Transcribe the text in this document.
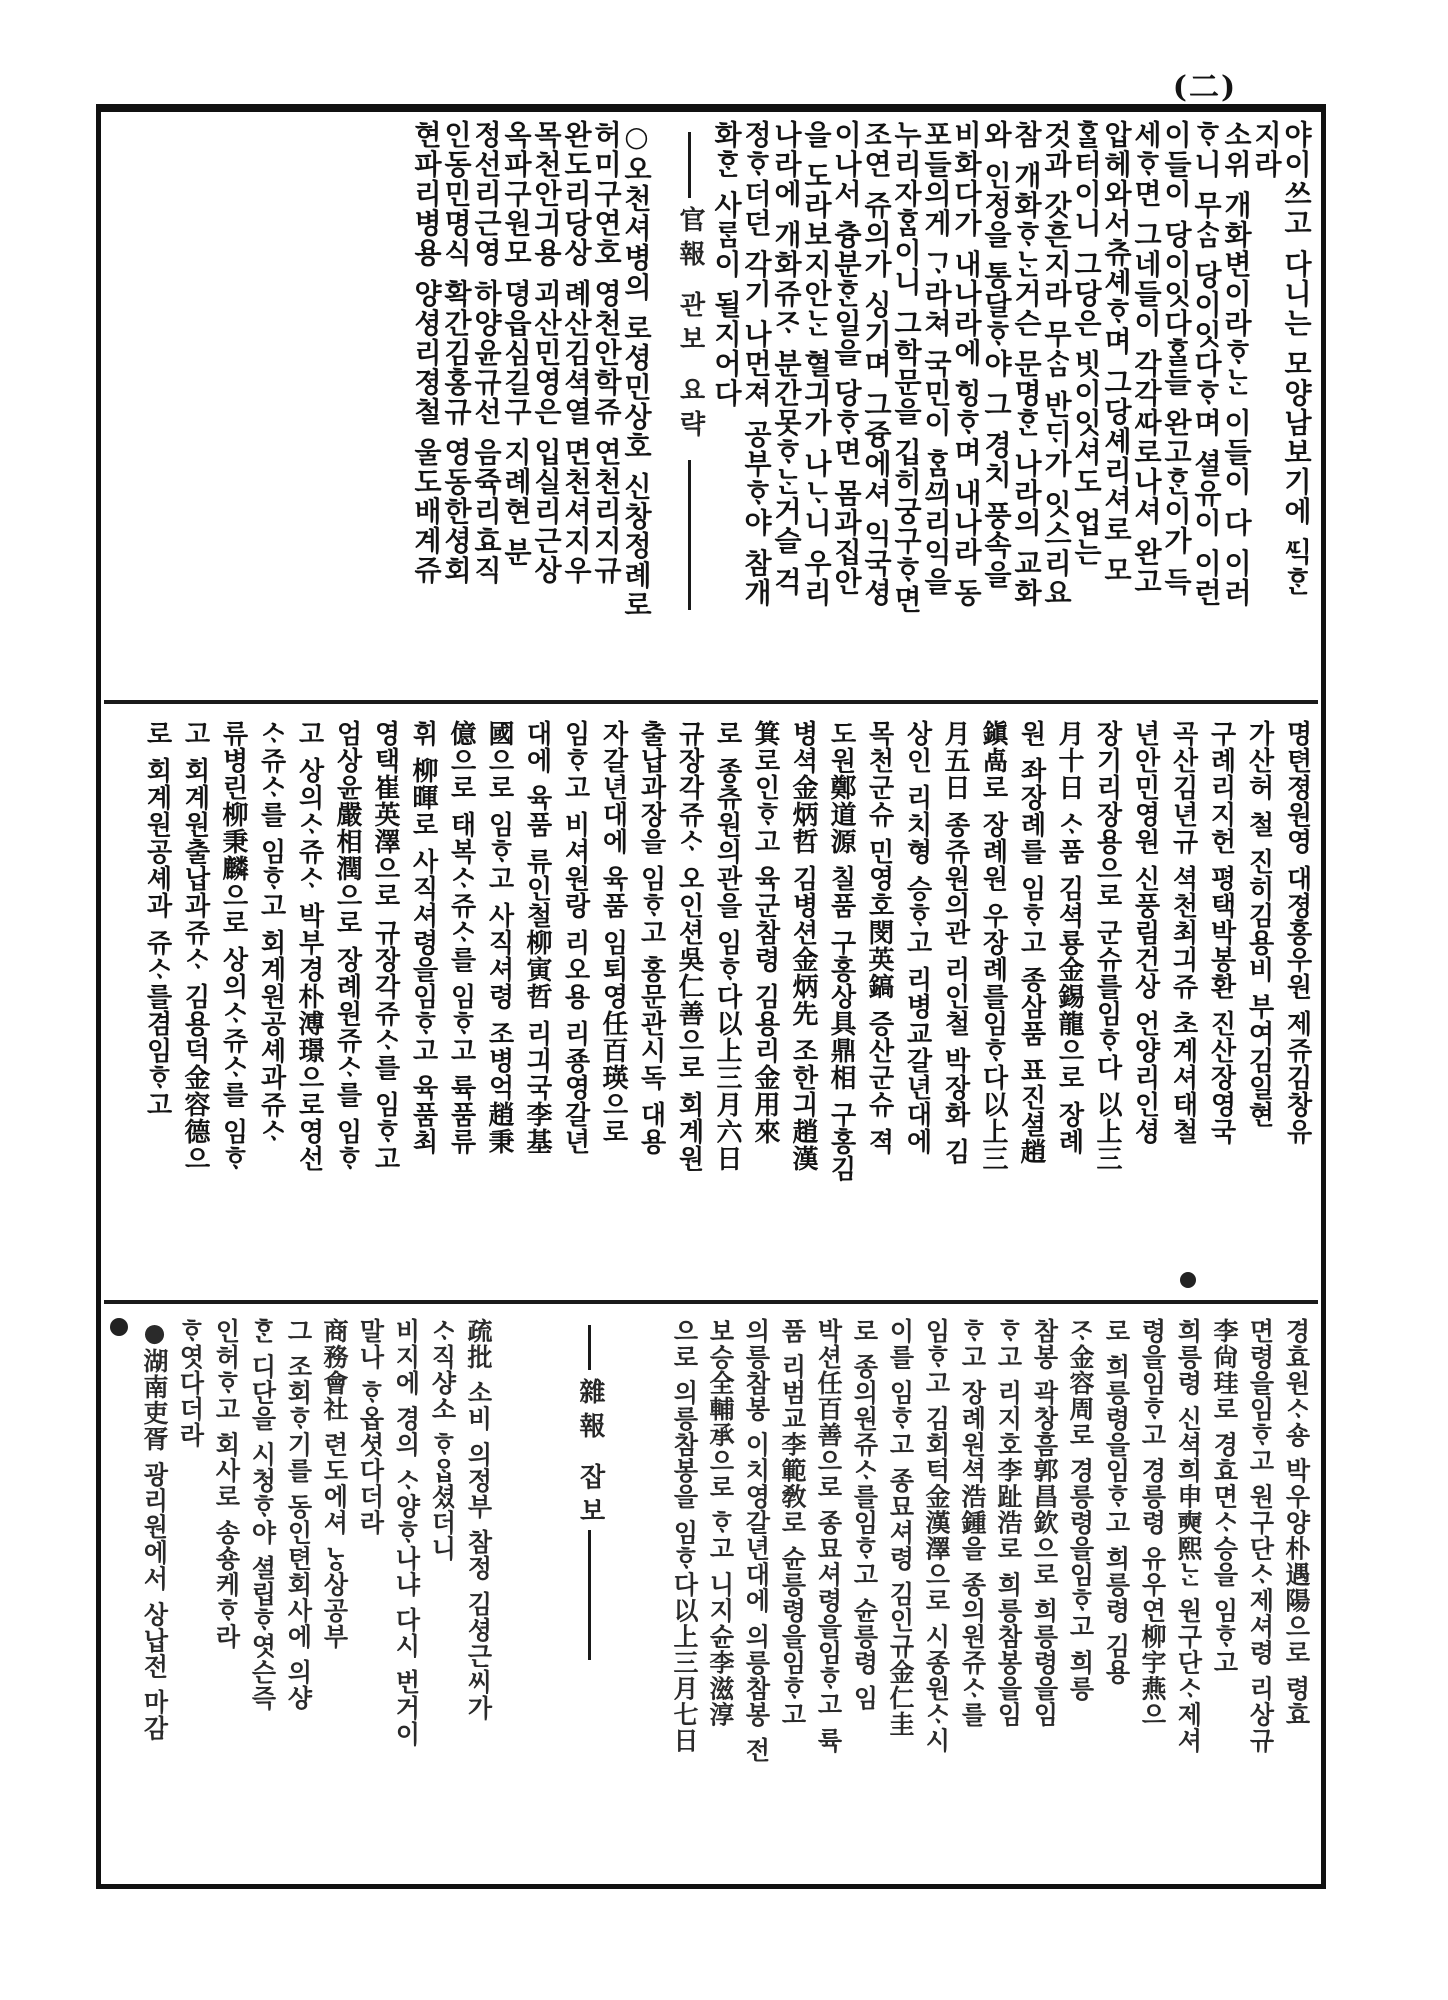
(二)
야이쓰고 다니는 모양남보기에 ᄯᅵᆨᄒᆞᆫ
지라
소위 개화변이라ᄒᆞᄂᆞᆫ 이들이 다 이러
ᄒᆞ니 무ᄉᆞᆷ 당이잇다ᄒᆞ며 셜유이 이런
이들이 당이잇다ᄒᆞᆯ들 완고ᄒᆞᆫ이가 득
세ᄒᆞ면 그네들이 각각ᄯᅡ로나셔 완고
압헤와서츄셰ᄒᆞ며 그당셰리셔로 모
ᄒᆞᆯ터이니 그당은 빗이잇셔도 업는
것과 갓흔지라 무ᄉᆞᆷ 반ᄃᆡ가 잇스리요
참 개화ᄒᆞᄂᆞᆫ거슨 문명ᄒᆞᆫ 나라의 교화
와 인정을 통달ᄒᆞ야 그 경치 풍속을
비화다가 내나라에 힝ᄒᆞ며 내나라 동
포들의게 ᄀᆞ라쳐 국민이 ᄒᆞᆷᄭᅴ리익을
누리자ᄒᆞᆷ이니 그학문을 깁히궁구ᄒᆞ면
조연 쥬의가 싱기며 그즁에셔 익국셩
이나서 츙분ᄒᆞᆫ일을 당ᄒᆞ면 몸과집안
을 도라보지안ᄂᆞᆫ 혈긔가 나ᄂᆞ니 우리
나라에 개화쥬ᄌᆞ 분간못ᄒᆞᄂᆞᆫ거슬 걱
정ᄒᆞ더던 각기 나먼져 공부ᄒᆞ야 참개
화ᄒᆞᆫ 사ᄅᆞᆷ이 될지어다
官報 관보 요략
○오천셔병의 로셩민상호 신창정례로
허미구연호 영천안학쥬 연천리지규
완도리당상 례산김셕열 면천셔지우
목천안긔용 괴산민영은 입실리근상
옥파구원모 뎡읍심길구 지례현 분
정선리근영 하양윤규선 음쥭리효직
인동민명식 확간김홍규 영동한셩회
현파리병용 양셩리졍철 울도배계쥬
명텬졍원영 대졍홍우원 제쥬김창유
가산허 철 진히김용비 부여김일현
구례리지헌 평택박봉환 진산장영국
곡산김년규 셕천최긔쥬 초계셔태철
년안민영원 신풍림건상 언양리인셩
장기리장용으로 군슈를임ᄒᆞ다 以上三
月十日 ᄉᆞ품 김셕룡金錫龍으로 장례
원 좌장례를 임ᄒᆞ고 종삼품 표진셜趙
鎭卨로 장례원 우장례를임ᄒᆞ다以上三
月五日 종쥬원의관 리인철 박장화 김
상인 리치형 승ᄒᆞ고 리병교갈년대에
목천군슈 민영호閔英鎬 증산군슈 젹
도원鄭道源 칠품 구홍상具鼎相 구홍김
병셕金炳哲 김병션金炳先 조한긔趙漢
箕로인ᄒᆞ고 육군참령 김용리金用來
로 종츄원의관을 임ᄒᆞ다以上三月六日
규장각쥬ᄉᆞ 오인션吳仁善으로 회계원
출납과장을 임ᄒᆞ고 홍문관시독 대용
자갈년대에 육품 임퇴영任百瑛으로
임ᄒᆞ고 비셔원랑 리오용 리죵영갈년
대에 육품 류인철柳寅哲 리긔국李基
國으로 임ᄒᆞ고 사직셔령 조병억趙秉
億으로 태복ᄉᆞ쥬ᄉᆞ를 임ᄒᆞ고 륙품류
휘 柳暉로 사직셔령을임ᄒᆞ고 육품최
영택崔英澤으로 규장각쥬ᄉᆞ를 임ᄒᆞ고
엄상윤嚴相潤으로 장례원쥬ᄉᆞ를 임ᄒᆞ
고 상의ᄉᆞ쥬ᄉᆞ 박부경朴溥璟으로영선
ᄉᆞ쥬ᄉᆞ를 임ᄒᆞ고 회계원공셰과쥬ᄉᆞ
류병린柳秉麟으로 상의ᄉᆞ쥬ᄉᆞ를 임ᄒᆞ
고 회계원출납과쥬ᄉᆞ 김용덕金容德으
로 회계원공셰과 쥬ᄉᆞ를겸임ᄒᆞ고
경효원ᄉᆞ숑 박우양朴遇陽으로 령효
면령을임ᄒᆞ고 원구단ᄉᆞ제셔령 리상규
李尙珪로 경효면ᄉᆞ승을 임ᄒᆞ고
희릉령 신셕희申奭熙ᄂᆞᆫ 원구단ᄉᆞ제셔
령을임ᄒᆞ고 경릉령 유우연柳宇燕으
로 희릉령을임ᄒᆞ고 희릉령 김용
ᄌᆞ金容周로 경릉령을임ᄒᆞ고 희릉
참봉 곽창흠郭昌欽으로 희릉령을임
ᄒᆞ고 리지호李趾浩로 희릉참봉을임
ᄒᆞ고 장례원셕浩鍾을 종의원쥬ᄉᆞ를
임ᄒᆞ고 김회턱金漢澤으로 시종원ᄉᆞ시
이를 임ᄒᆞ고 종묘셔령 김인규金仁圭
로 종의원쥬ᄉᆞ를임ᄒᆞ고 슌릉령 임
박션任百善으로 종묘셔령을임ᄒᆞ고 륙
품 리범교李範敎로 슌릉령을임ᄒᆞ고
의릉참봉 이치영갈년대에 의릉참봉 전
보승全輔承으로 ᄒᆞ고 니지슌李滋淳
으로 의릉참봉을 임ᄒᆞ다以上三月七日
雜報 잡보
疏批 소비 의정부 참정 김셩근씨가
ᄉᆞ직샹소 ᄒᆞᄋᆞᆸ셨더니
비지에 경의 ᄉᆞ양ᄒᆞ나냐 다시 번거이
말나 ᄒᆞ옵셧다더라
商務會社 련도에셔 ᄂᆞᆼ상공부
그 조회ᄒᆞ기를 동인텬회사에 의샹
ᄒᆞᆫ 디단을 시청ᄒᆞ야 셜립ᄒᆞ엿슨즉
인허ᄒᆞ고 회사로 송숑케ᄒᆞ라
ᄒᆞ엿다더라
●湖南吏胥 광리원에서 상납전 마감
